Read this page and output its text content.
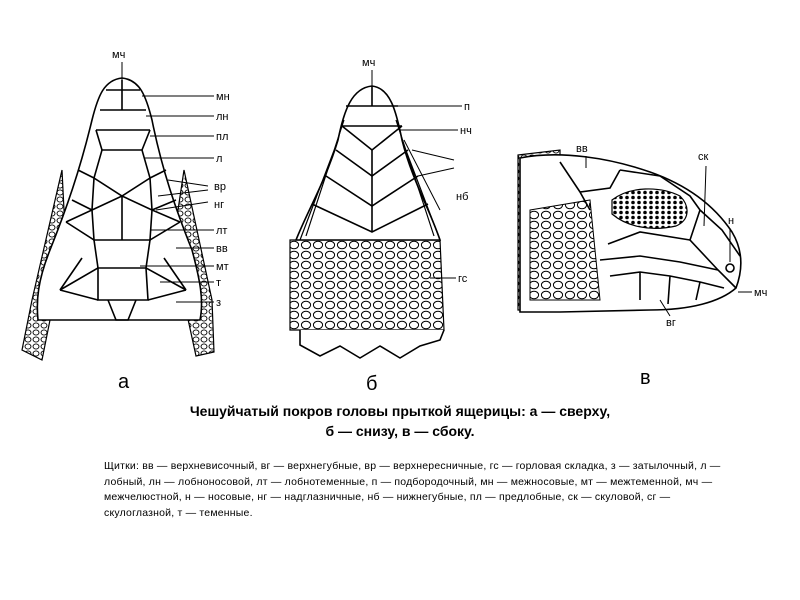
мч
мн
лн
пл
л
вр
нг
лт
вв
мт
т
з
а
мч
п
нч
нб
гс
б
вв
ск
н
мч
вг
в
Чешуйчатый покров головы прыткой ящерицы: а — сверху,
б — снизу, в — сбоку.
Щитки: вв — верхневисочный, вг — верхнегубные, вр — верхнересничные, гс — горловая складка, з — затылочный, л — лобный, лн — лобноносовой, лт — лобнотеменные, п — подбородочный, мн — межносовые, мт — межтеменной, мч — межчелюстной, н — носовые, нг — надглазничные, нб — нижнегубные, пл — предлобные, ск — скуловой, сг — скулоглазной, т — теменные.
